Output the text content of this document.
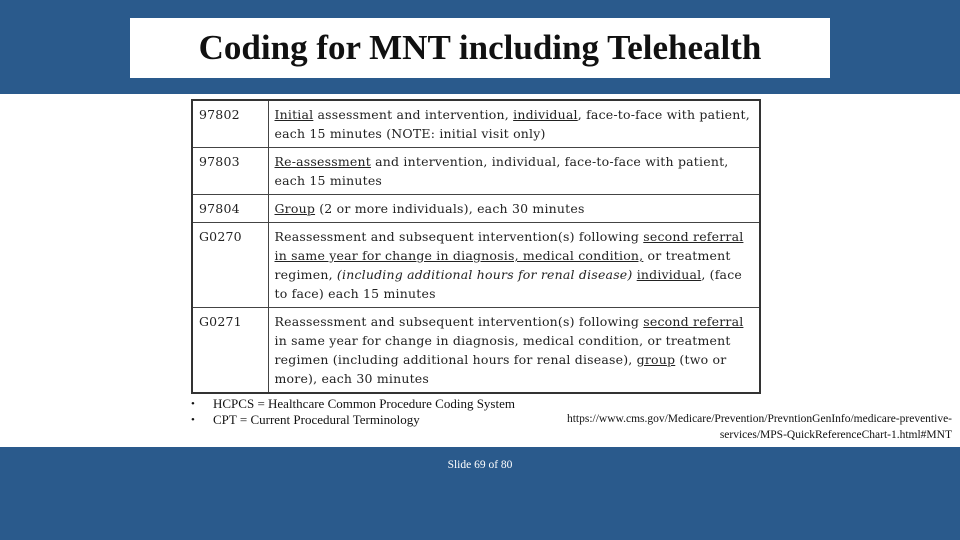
Coding for MNT including Telehealth
97802	Initial assessment and intervention, individual, face-to-face with patient, each 15 minutes (NOTE: initial visit only)
97803	Re-assessment and intervention, individual, face-to-face with patient, each 15 minutes
97804	Group (2 or more individuals), each 30 minutes
G0270	Reassessment and subsequent intervention(s) following second referral in same year for change in diagnosis, medical condition, or treatment regimen, (including additional hours for renal disease) individual, (face to face) each 15 minutes
G0271	Reassessment and subsequent intervention(s) following second referral in same year for change in diagnosis, medical condition, or treatment regimen (including additional hours for renal disease), group (two or more), each 30 minutes
• HCPCS = Healthcare Common Procedure Coding System
• CPT = Current Procedural Terminology	https://www.cms.gov/Medicare/Prevention/PrevntionGenInfo/medicare-preventive-services/MPS-QuickReferenceChart-1.html#MNT
Slide 69 of 80
